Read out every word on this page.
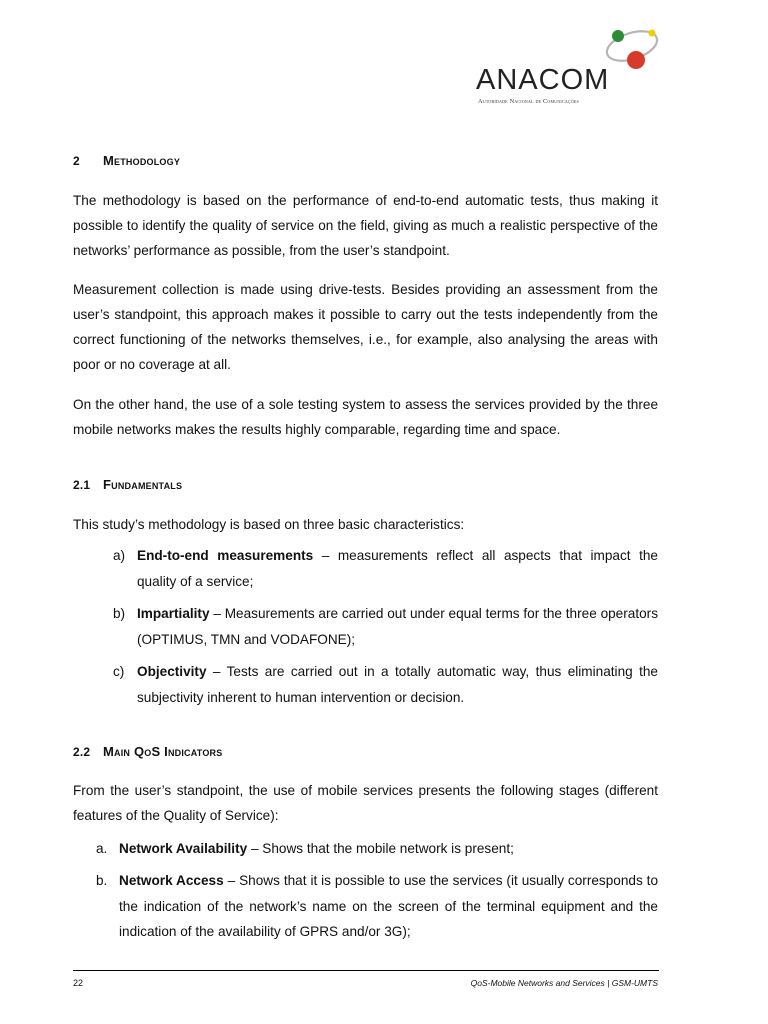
ANACOM
Autoridade Nacional de Comunicações
2 Methodology

The methodology is based on the performance of end-to-end automatic tests, thus making it possible to identify the quality of service on the field, giving as much a realistic perspective of the networks’ performance as possible, from the user’s standpoint.

Measurement collection is made using drive-tests. Besides providing an assessment from the user’s standpoint, this approach makes it possible to carry out the tests independently from the correct functioning of the networks themselves, i.e., for example, also analysing the areas with poor or no coverage at all.

On the other hand, the use of a sole testing system to assess the services provided by the three mobile networks makes the results highly comparable, regarding time and space.

2.1 Fundamentals

This study’s methodology is based on three basic characteristics:

a) End-to-end measurements – measurements reflect all aspects that impact the quality of a service;
b) Impartiality – Measurements are carried out under equal terms for the three operators (OPTIMUS, TMN and VODAFONE);
c) Objectivity – Tests are carried out in a totally automatic way, thus eliminating the subjectivity inherent to human intervention or decision.
2.2 Main QoS Indicators

From the user’s standpoint, the use of mobile services presents the following stages (different features of the Quality of Service):

a. Network Availability – Shows that the mobile network is present;
b. Network Access – Shows that it is possible to use the services (it usually corresponds to the indication of the network’s name on the screen of the terminal equipment and the indication of the availability of GPRS and/or 3G);
22	QoS-Mobile Networks and Services | GSM-UMTS
